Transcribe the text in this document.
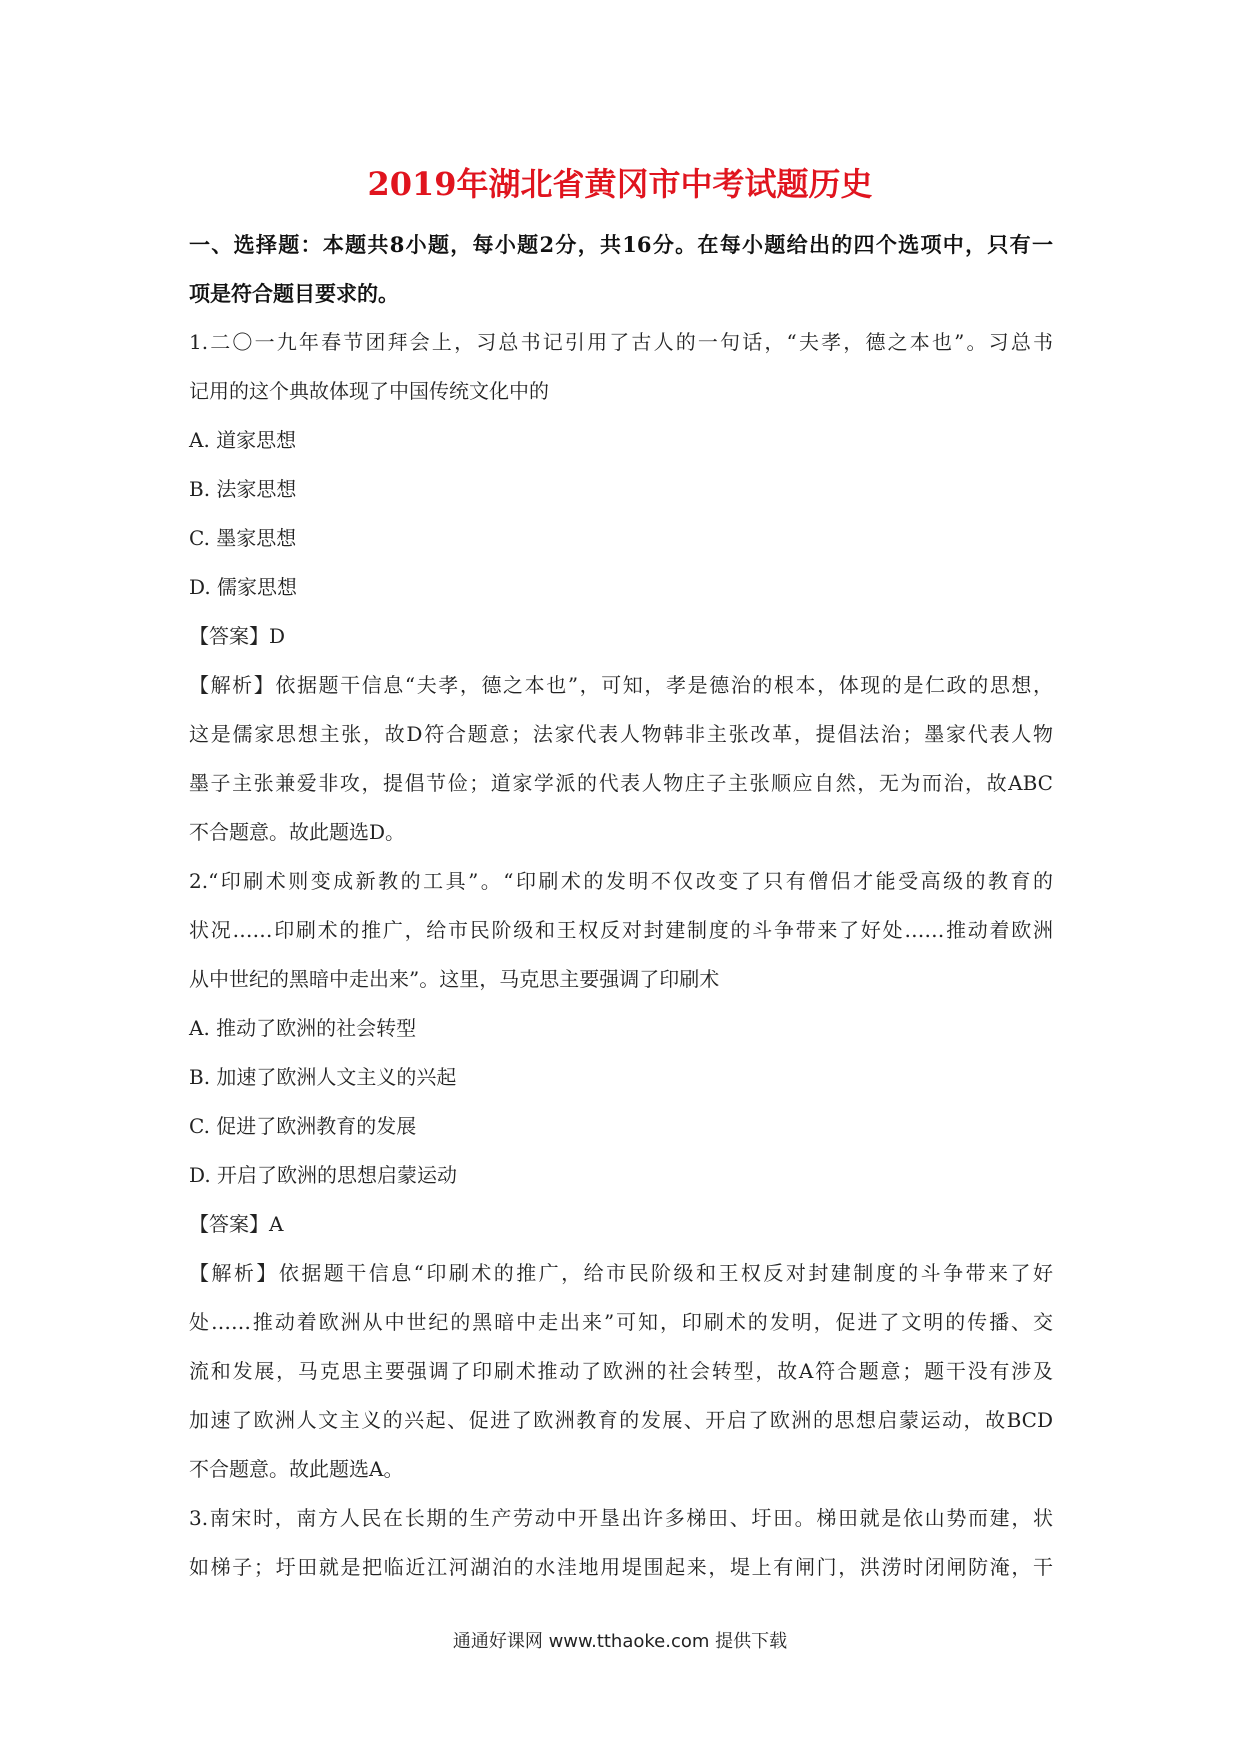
2019年湖北省黄冈市中考试题历史
一、选择题：本题共8小题，每小题2分，共16分。在每小题给出的四个选项中，只有一
项是符合题目要求的。
1.二〇一九年春节团拜会上，习总书记引用了古人的一句话，“夫孝，德之本也”。习总书
记用的这个典故体现了中国传统文化中的
A. 道家思想
B. 法家思想
C. 墨家思想
D. 儒家思想
【答案】D
【解析】依据题干信息“夫孝，德之本也”，可知，孝是德治的根本，体现的是仁政的思想，
这是儒家思想主张，故D符合题意；法家代表人物韩非主张改革，提倡法治；墨家代表人物
墨子主张兼爱非攻，提倡节俭；道家学派的代表人物庄子主张顺应自然，无为而治，故ABC
不合题意。故此题选D。
2.“印刷术则变成新教的工具”。“印刷术的发明不仅改变了只有僧侣才能受高级的教育的
状况……印刷术的推广，给市民阶级和王权反对封建制度的斗争带来了好处……推动着欧洲
从中世纪的黑暗中走出来”。这里，马克思主要强调了印刷术
A. 推动了欧洲的社会转型
B. 加速了欧洲人文主义的兴起
C. 促进了欧洲教育的发展
D. 开启了欧洲的思想启蒙运动
【答案】A
【解析】依据题干信息“印刷术的推广，给市民阶级和王权反对封建制度的斗争带来了好
处……推动着欧洲从中世纪的黑暗中走出来”可知，印刷术的发明，促进了文明的传播、交
流和发展，马克思主要强调了印刷术推动了欧洲的社会转型，故A符合题意；题干没有涉及
加速了欧洲人文主义的兴起、促进了欧洲教育的发展、开启了欧洲的思想启蒙运动，故BCD
不合题意。故此题选A。
3.南宋时，南方人民在长期的生产劳动中开垦出许多梯田、圩田。梯田就是依山势而建，状
如梯子；圩田就是把临近江河湖泊的水洼地用堤围起来，堤上有闸门，洪涝时闭闸防淹，干
通通好课网 www.tthaoke.com 提供下载
